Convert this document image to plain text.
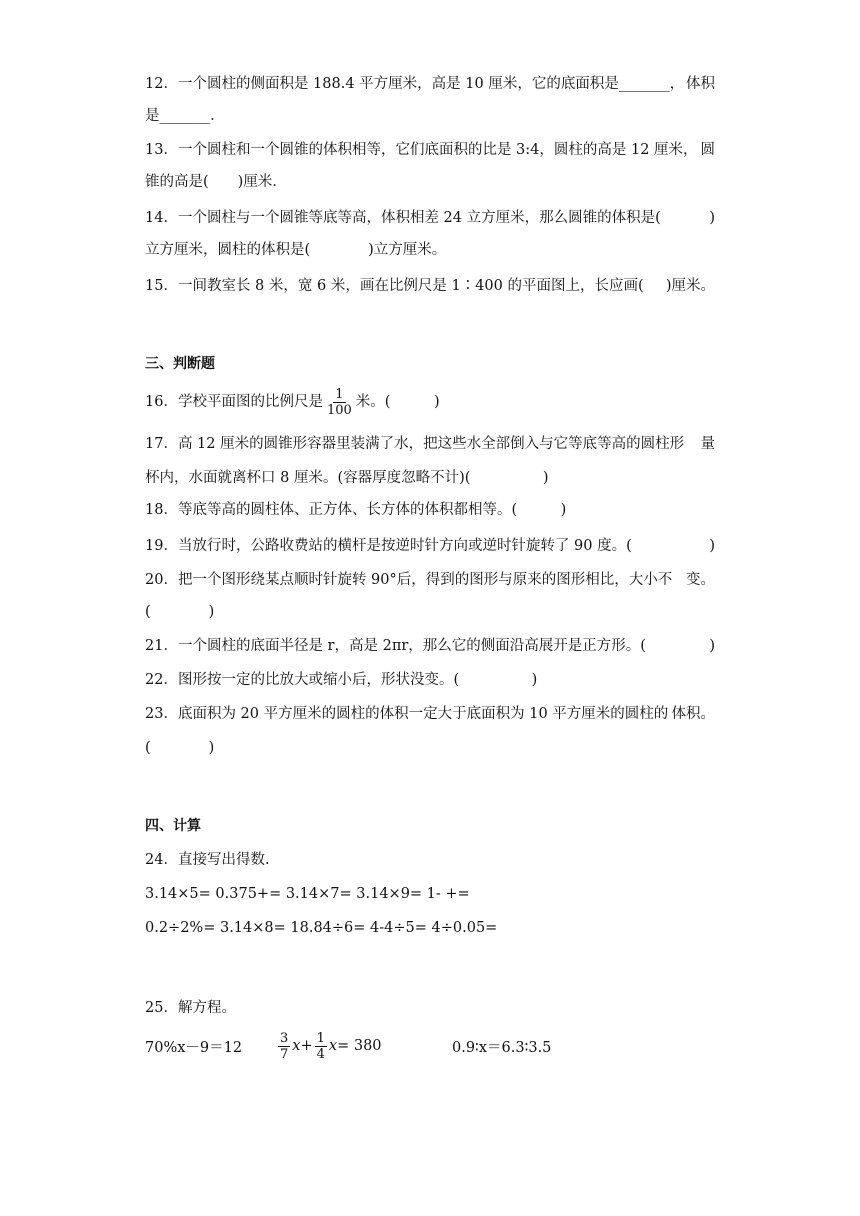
12．一个圆柱的侧面积是 188.4 平方厘米，高是 10 厘米，它的底面积是_______， 体积
是_______．
13．一个圆柱和一个圆锥的体积相等，它们底面积的比是 3:4，圆柱的高是 12 厘米， 圆
锥的高是(　　)厘米．
14．一个圆柱与一个圆锥等底等高，体积相差 24 立方厘米，那么圆锥的体积是(	)
立方厘米，圆柱的体积是(　　　　)立方厘米。
15．一间教室长 8 米，宽 6 米，画在比例尺是 1∶400 的平面图上，长应画( )厘米。
三、判断题
16．学校平面图的比例尺是 $\frac{1}{100}$ 米。(　　　)
17．高 12 厘米的圆锥形容器里装满了水，把这些水全部倒入与它等底等高的圆柱形 量
杯内，水面就离杯口 8 厘米。(容器厚度忽略不计)(　　　　　)
18．等底等高的圆柱体、正方体、长方体的体积都相等。(　　　)
19．当放行时，公路收费站的横杆是按逆时针方向或逆时针旋转了 90 度。(	)
20．把一个图形绕某点顺时针旋转 90°后，得到的图形与原来的图形相比，大小不 变。
(　　　　)
21．一个圆柱的底面半径是 r，高是 2πr，那么它的侧面沿高展开是正方形。(	)
22．图形按一定的比放大或缩小后，形状没变。(　　　　　)
23．底面积为 20 平方厘米的圆柱的体积一定大于底面积为 10 平方厘米的圆柱的 体积。
(　　　　)
四、计算
24．直接写出得数.
3.14×5= 0.375+= 3.14×7= 3.14×9= 1- +=
0.2÷2%= 3.14×8= 18.84÷6= 4-4÷5= 4÷0.05=
25．解方程。
70%x－9＝12	$\frac{3}{7} x+ \frac{1}{4} x= 380$	0.9∶x＝6.3∶3.5
